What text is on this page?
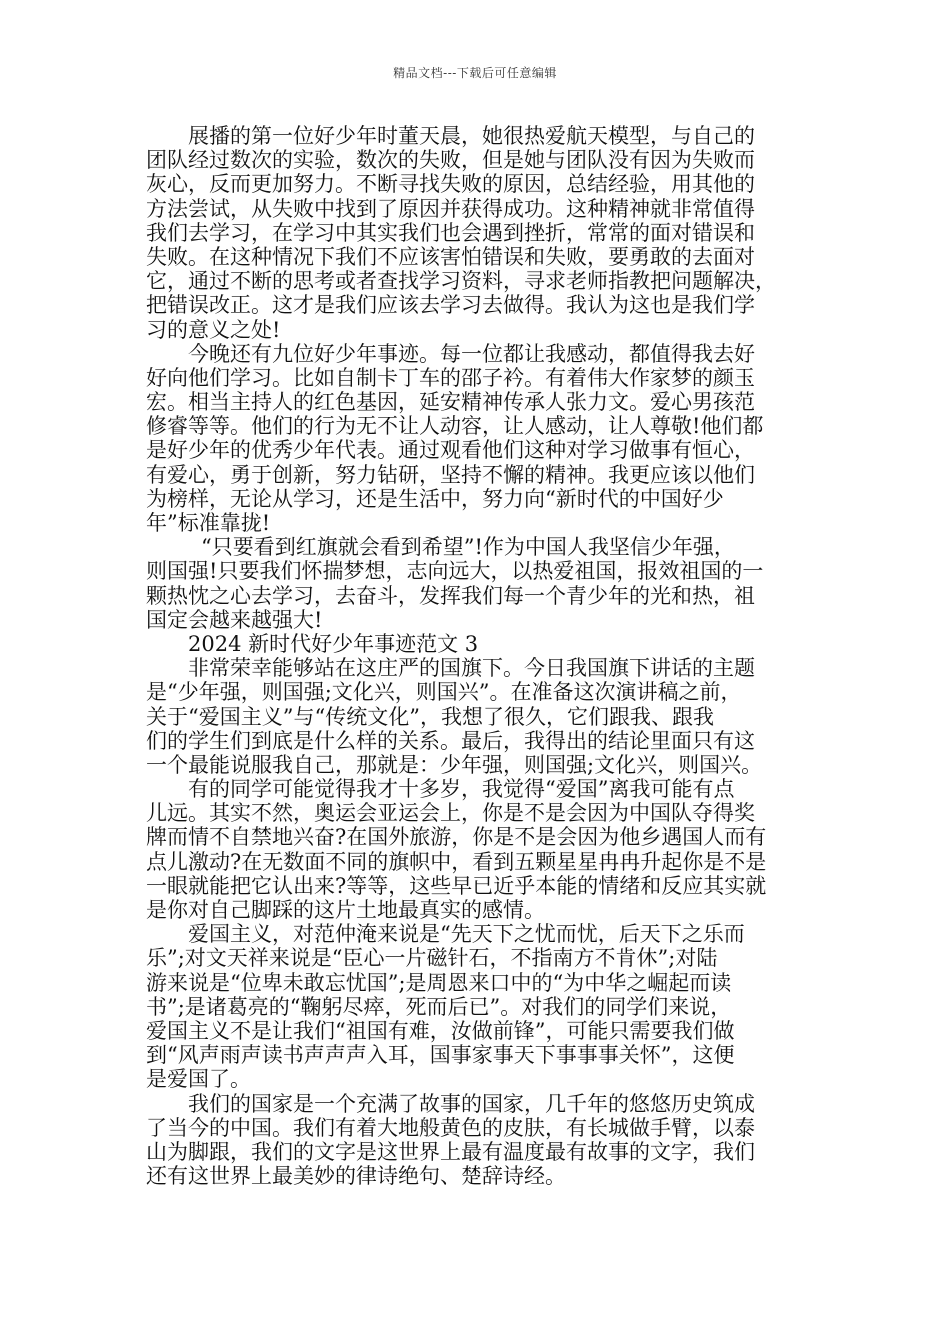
精品文档---下载后可任意编辑
展播的第一位好少年时董天晨，她很热爱航天模型，与自己的
团队经过数次的实验，数次的失败，但是她与团队没有因为失败而
灰心，反而更加努力。不断寻找失败的原因，总结经验，用其他的
方法尝试，从失败中找到了原因并获得成功。这种精神就非常值得
我们去学习，在学习中其实我们也会遇到挫折，常常的面对错误和
失败。在这种情况下我们不应该害怕错误和失败，要勇敢的去面对
它，通过不断的思考或者查找学习资料，寻求老师指教把问题解决，
把错误改正。这才是我们应该去学习去做得。我认为这也是我们学
习的意义之处!
今晚还有九位好少年事迹。每一位都让我感动，都值得我去好
好向他们学习。比如自制卡丁车的邵子衿。有着伟大作家梦的颜玉
宏。相当主持人的红色基因，延安精神传承人张力文。爱心男孩范
修睿等等。他们的行为无不让人动容，让人感动，让人尊敬!他们都
是好少年的优秀少年代表。通过观看他们这种对学习做事有恒心，
有爱心，勇于创新，努力钻研，坚持不懈的精神。我更应该以他们
为榜样，无论从学习，还是生活中，努力向“新时代的中国好少
年”标准靠拢!
“只要看到红旗就会看到希望”!作为中国人我坚信少年强，
则国强!只要我们怀揣梦想，志向远大，以热爱祖国，报效祖国的一
颗热忱之心去学习，去奋斗，发挥我们每一个青少年的光和热，祖
国定会越来越强大!
2024 新时代好少年事迹范文 3
非常荣幸能够站在这庄严的国旗下。今日我国旗下讲话的主题
是“少年强，则国强;文化兴，则国兴”。在准备这次演讲稿之前，
关于“爱国主义”与“传统文化”，我想了很久，它们跟我、跟我
们的学生们到底是什么样的关系。最后，我得出的结论里面只有这
一个最能说服我自己，那就是：少年强，则国强;文化兴，则国兴。
有的同学可能觉得我才十多岁，我觉得“爱国”离我可能有点
儿远。其实不然，奥运会亚运会上，你是不是会因为中国队夺得奖
牌而情不自禁地兴奋?在国外旅游，你是不是会因为他乡遇国人而有
点儿激动?在无数面不同的旗帜中，看到五颗星星冉冉升起你是不是
一眼就能把它认出来?等等，这些早已近乎本能的情绪和反应其实就
是你对自己脚踩的这片土地最真实的感情。
爱国主义，对范仲淹来说是“先天下之忧而忧，后天下之乐而
乐”;对文天祥来说是“臣心一片磁针石，不指南方不肯休”;对陆
游来说是“位卑未敢忘忧国”;是周恩来口中的“为中华之崛起而读
书”;是诸葛亮的“鞠躬尽瘁，死而后已”。对我们的同学们来说，
爱国主义不是让我们“祖国有难，汝做前锋”，可能只需要我们做
到“风声雨声读书声声声入耳，国事家事天下事事事关怀”，这便
是爱国了。
我们的国家是一个充满了故事的国家，几千年的悠悠历史筑成
了当今的中国。我们有着大地般黄色的皮肤，有长城做手臂，以泰
山为脚跟，我们的文字是这世界上最有温度最有故事的文字，我们
还有这世界上最美妙的律诗绝句、楚辞诗经。
